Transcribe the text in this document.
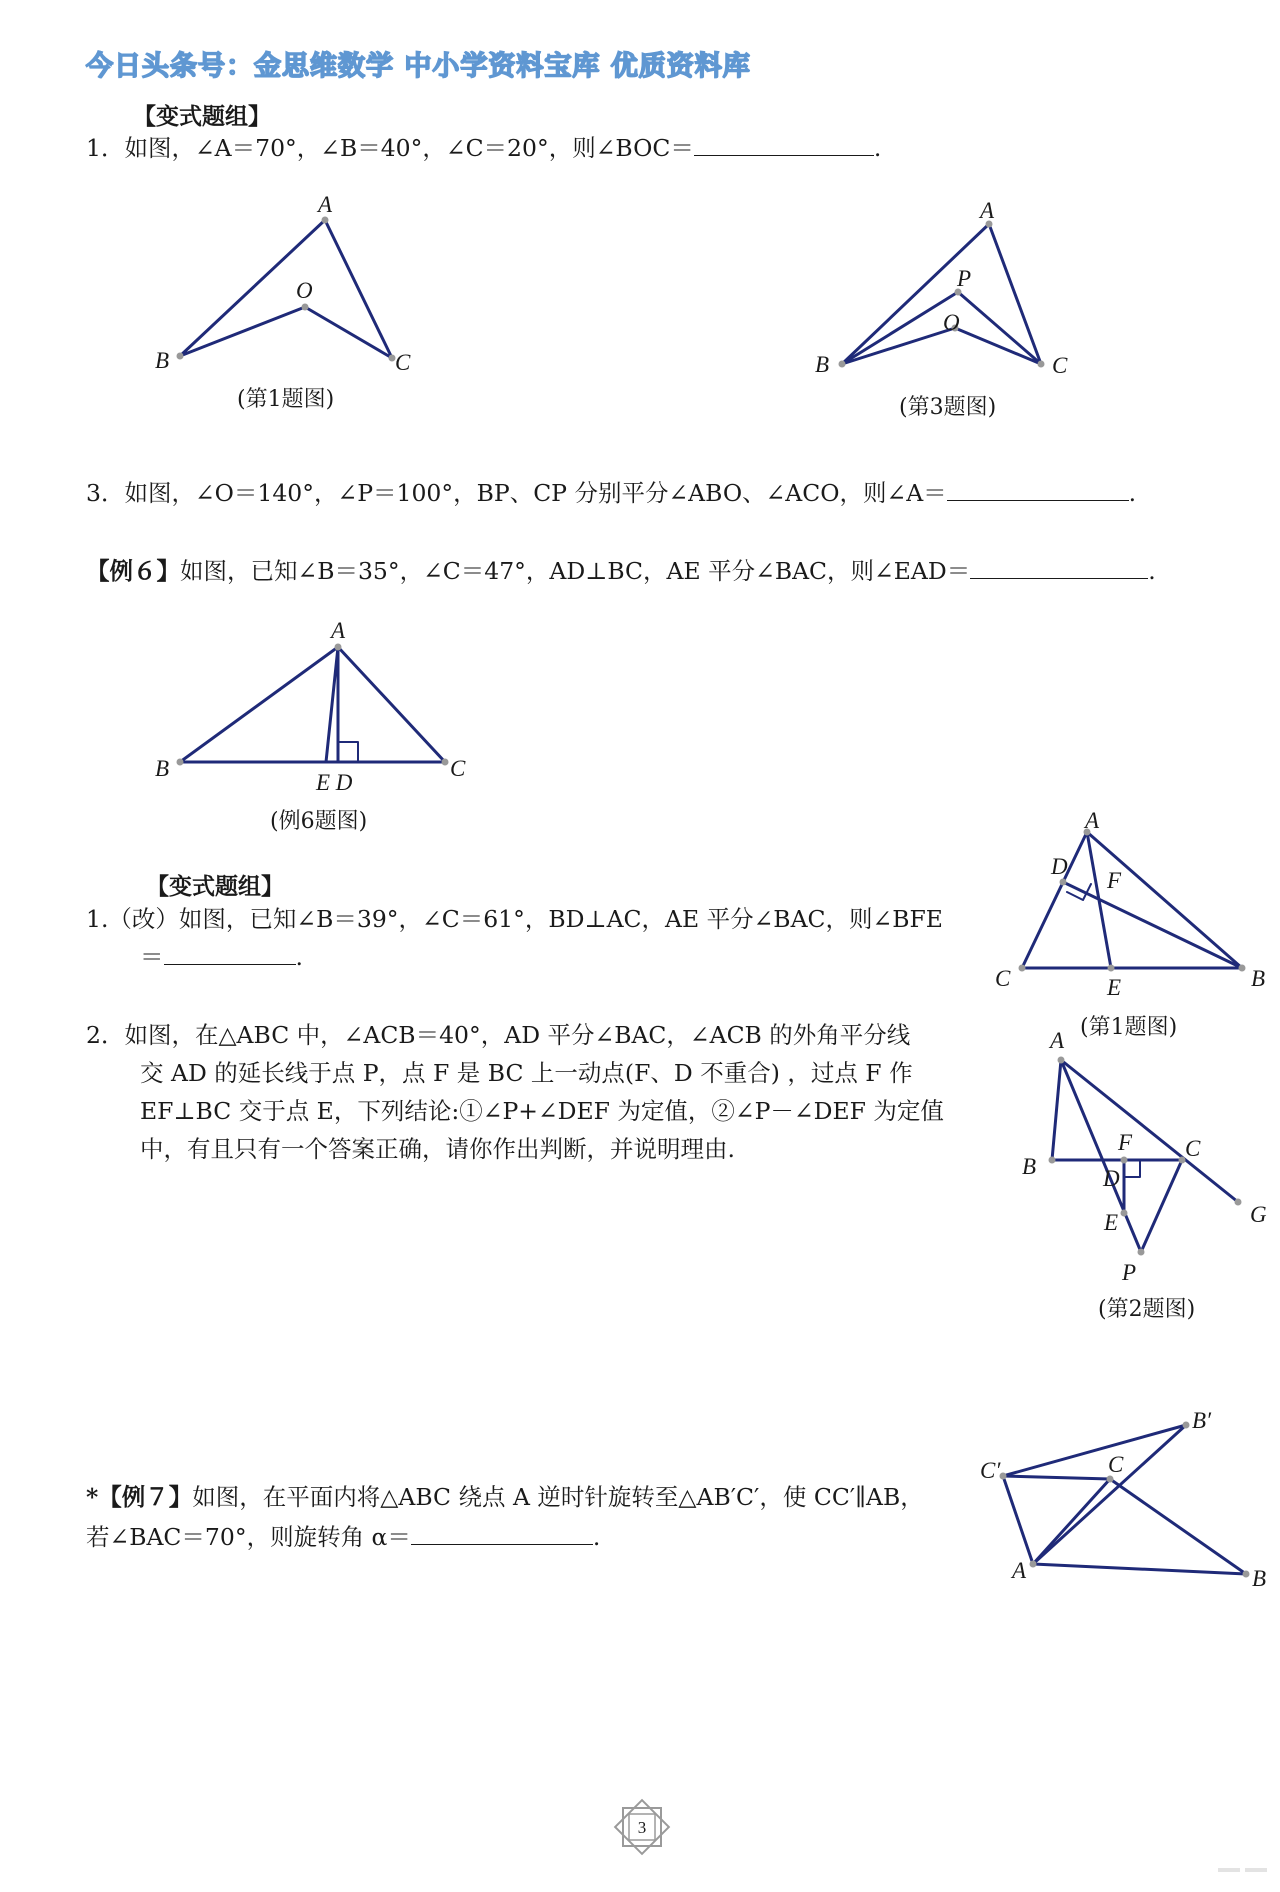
今日头条号：金思维数学 中小学资料宝库 优质资料库
【变式题组】
1．如图，∠A＝70°，∠B＝40°，∠C＝20°，则∠BOC＝	.
A
O
B	C
(第1题图)
A
P
O
B	C
(第3题图)
3．如图，∠O＝140°，∠P＝100°，BP、CP 分别平分∠ABO、∠ACO，则∠A＝	.
【例６】如图，已知∠B＝35°，∠C＝47°，AD⊥BC，AE 平分∠BAC，则∠EAD＝	.
A
B	C
E D
(例6题图)
【变式题组】
1.（改）如图，已知∠B＝39°，∠C＝61°，BD⊥AC，AE 平分∠BAC，则∠BFE
＝	.
A
D
F
C	E	B
(第1题图)
2．如图，在△ABC 中，∠ACB＝40°，AD 平分∠BAC，∠ACB 的外角平分线
交 AD 的延长线于点 P，点 F 是 BC 上一动点(F、D 不重合) ，过点 F 作
EF⊥BC 交于点 E，下列结论:①∠P+∠DEF 为定值，②∠P－∠DEF 为定值
中，有且只有一个答案正确，请你作出判断，并说明理由.
A
B
F C
D
E	G
P
(第2题图)
*【例７】如图，在平面内将△ABC 绕点 A 逆时针旋转至△AB′C′，使 CC′∥AB，
若∠BAC＝70°，则旋转角 α＝	.
C′
B′
C
A	B
3
